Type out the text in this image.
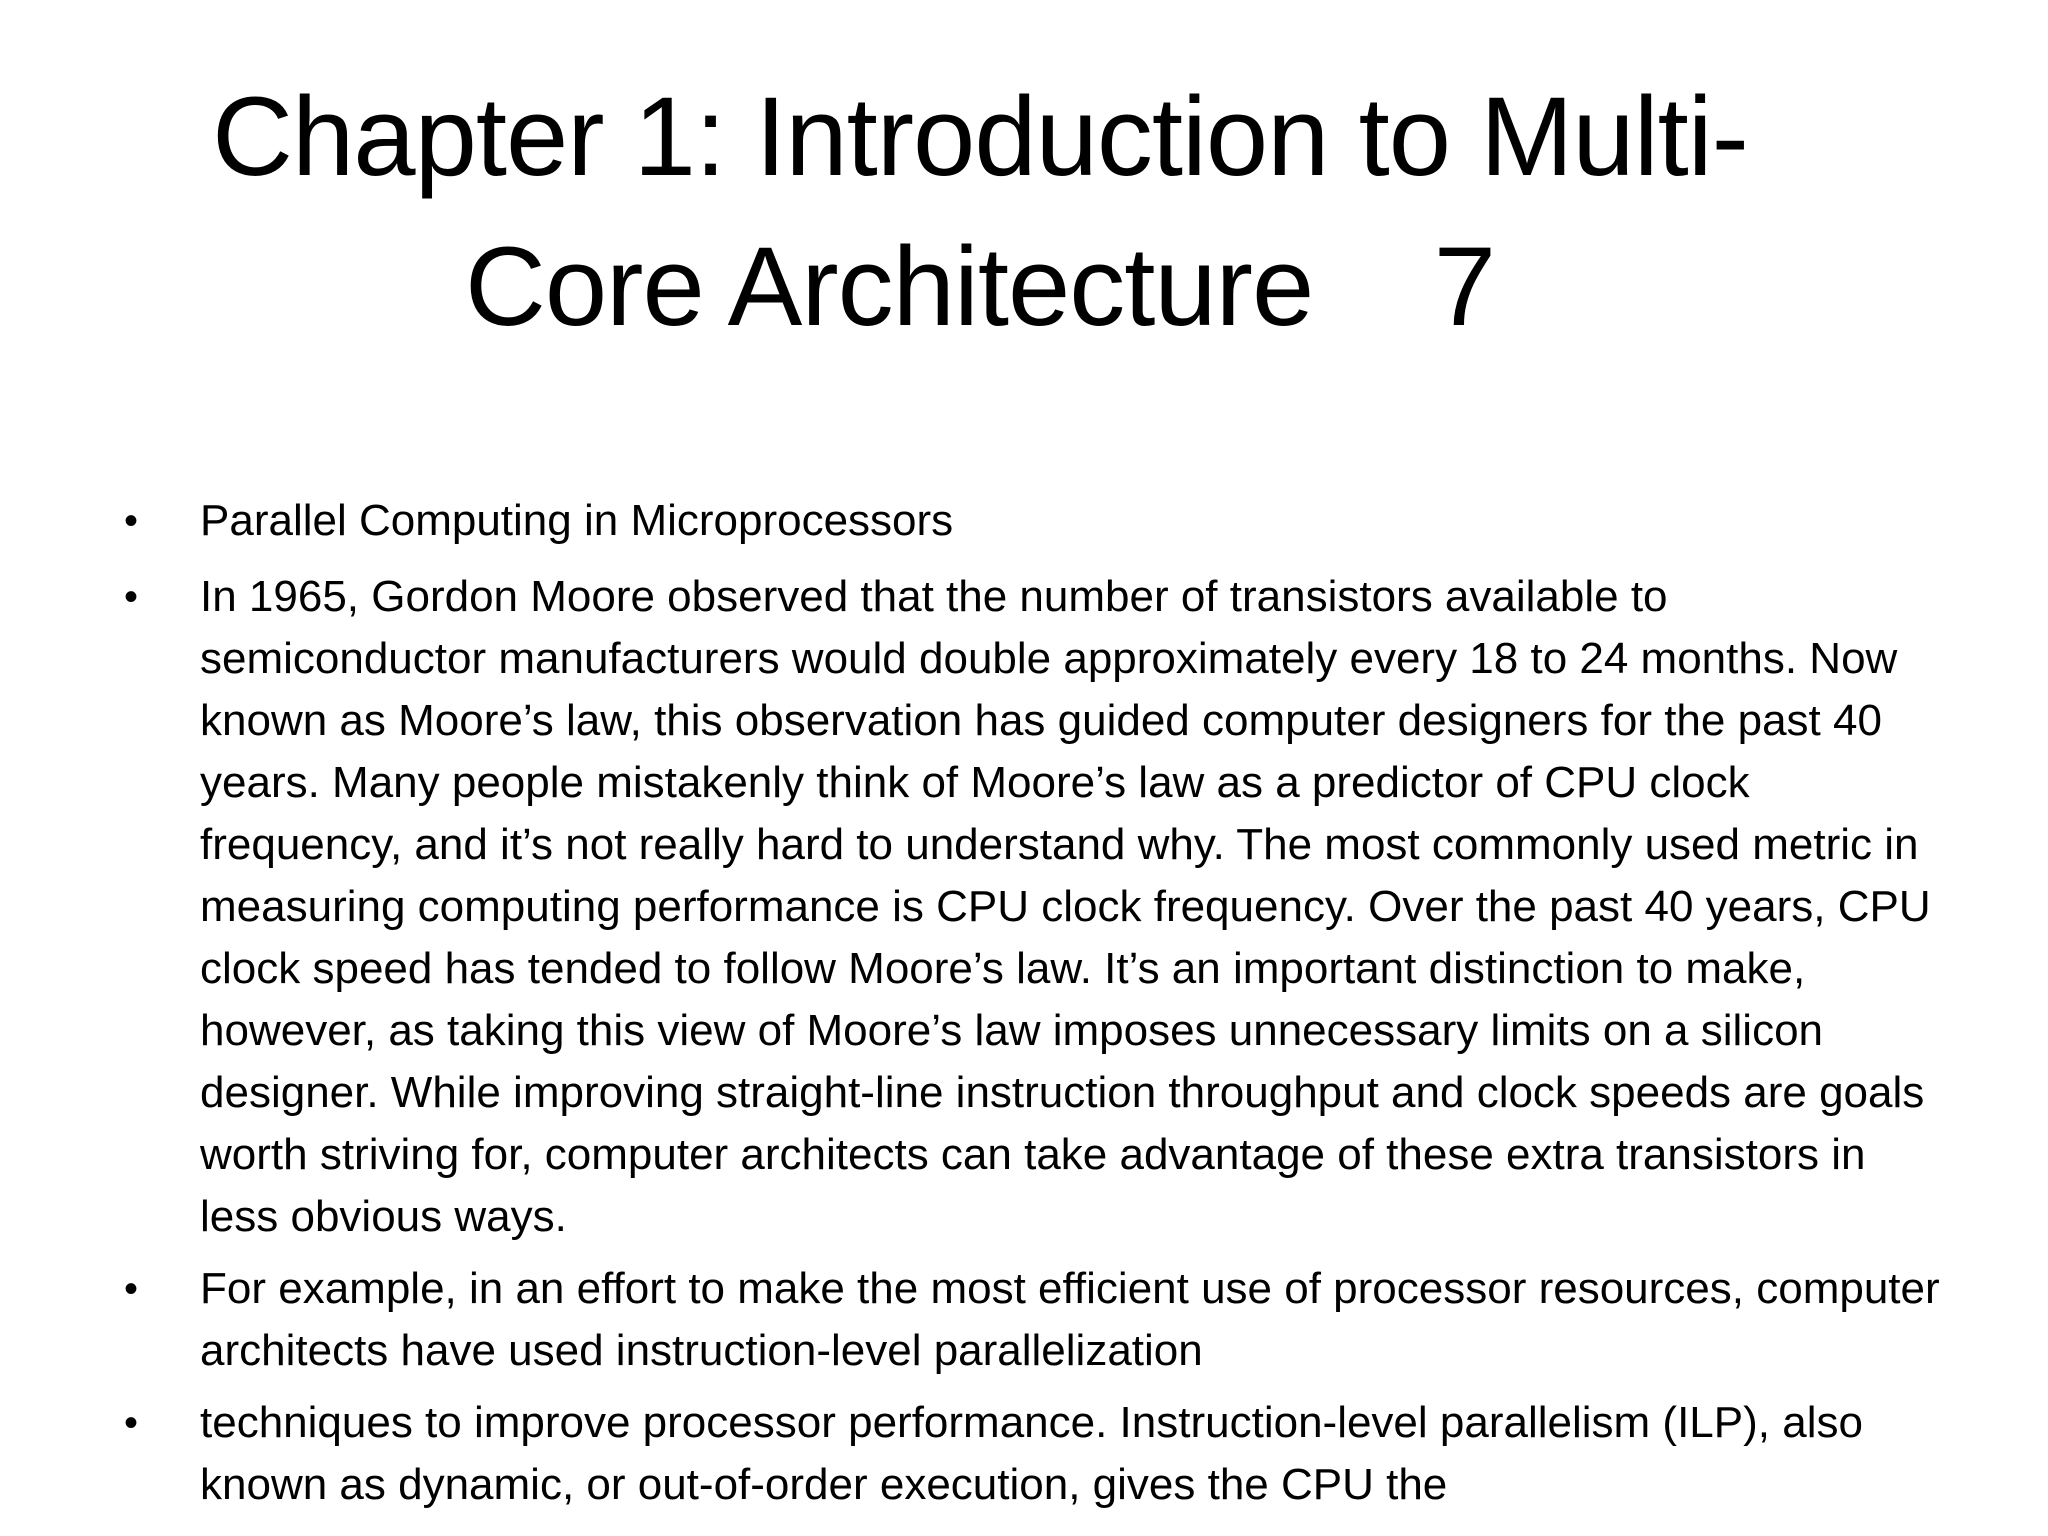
Chapter 1: Introduction to Multi-
Core Architecture    7
•	Parallel Computing in Microprocessors
•	In 1965, Gordon Moore observed that the number of transistors available to semiconductor manufacturers would double approximately every 18 to 24 months. Now known as Moore’s law, this observation has guided computer designers for the past 40 years. Many people mistakenly think of Moore’s law as a predictor of CPU clock frequency, and it’s not really hard to understand why. The most commonly used metric in measuring computing performance is CPU clock frequency. Over the past 40 years, CPU clock speed has tended to follow Moore’s law. It’s an important distinction to make, however, as taking this view of Moore’s law imposes unnecessary limits on a silicon designer. While improving straight-line instruction throughput and clock speeds are goals worth striving for, computer architects can take advantage of these extra transistors in less obvious ways.
•	For example, in an effort to make the most efficient use of processor resources, computer architects have used instruction-level parallelization
•	techniques to improve processor performance. Instruction-level parallelism (ILP), also known as dynamic, or out-of-order execution, gives the CPU the
